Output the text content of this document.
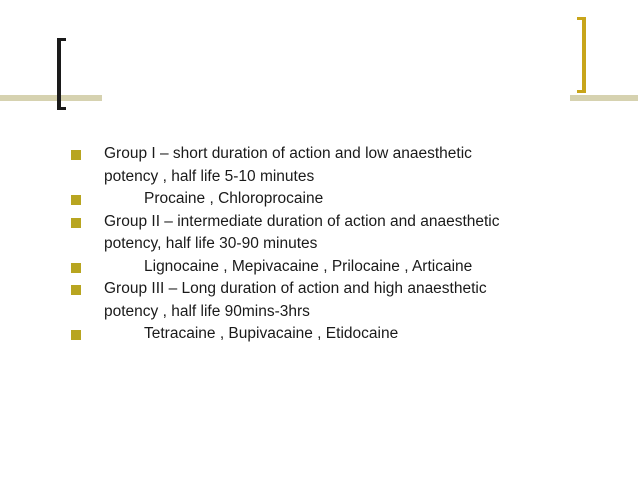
Group I – short duration of action and low anaesthetic
potency , half life 5-10 minutes
Procaine , Chloroprocaine
Group II – intermediate duration of action and anaesthetic
potency, half life 30-90 minutes
Lignocaine , Mepivacaine , Prilocaine , Articaine
Group III – Long duration of action and high anaesthetic
potency , half life 90mins-3hrs
Tetracaine , Bupivacaine , Etidocaine
